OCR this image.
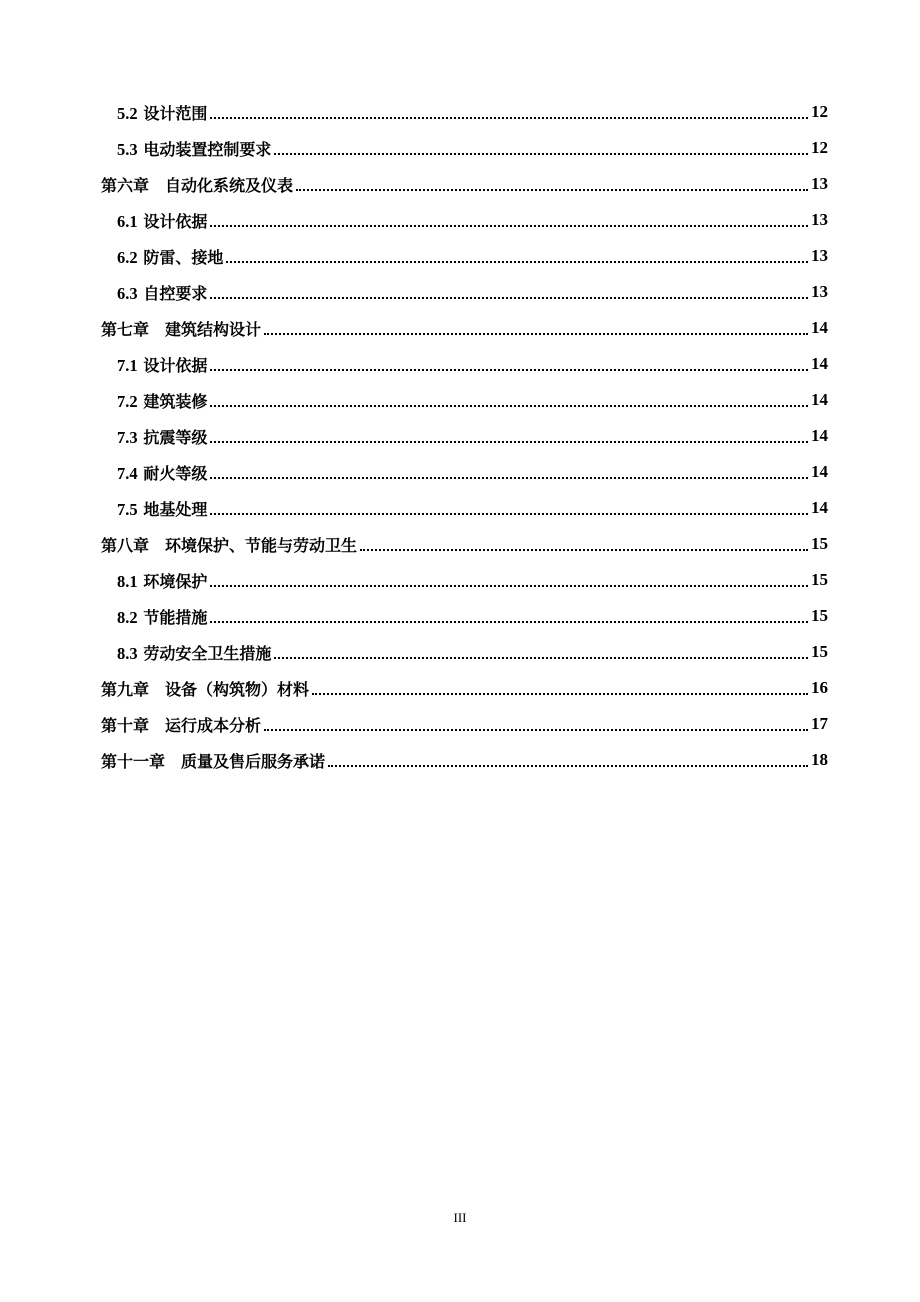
5.2 设计范围	12
5.3 电动装置控制要求	12
第六章　自动化系统及仪表	13
6.1 设计依据	13
6.2 防雷、接地	13
6.3 自控要求	13
第七章　建筑结构设计	14
7.1 设计依据	14
7.2 建筑装修	14
7.3 抗震等级	14
7.4 耐火等级	14
7.5 地基处理	14
第八章　环境保护、节能与劳动卫生	15
8.1 环境保护	15
8.2 节能措施	15
8.3 劳动安全卫生措施	15
第九章　设备（构筑物）材料	16
第十章　运行成本分析	17
第十一章　质量及售后服务承诺	18
III
